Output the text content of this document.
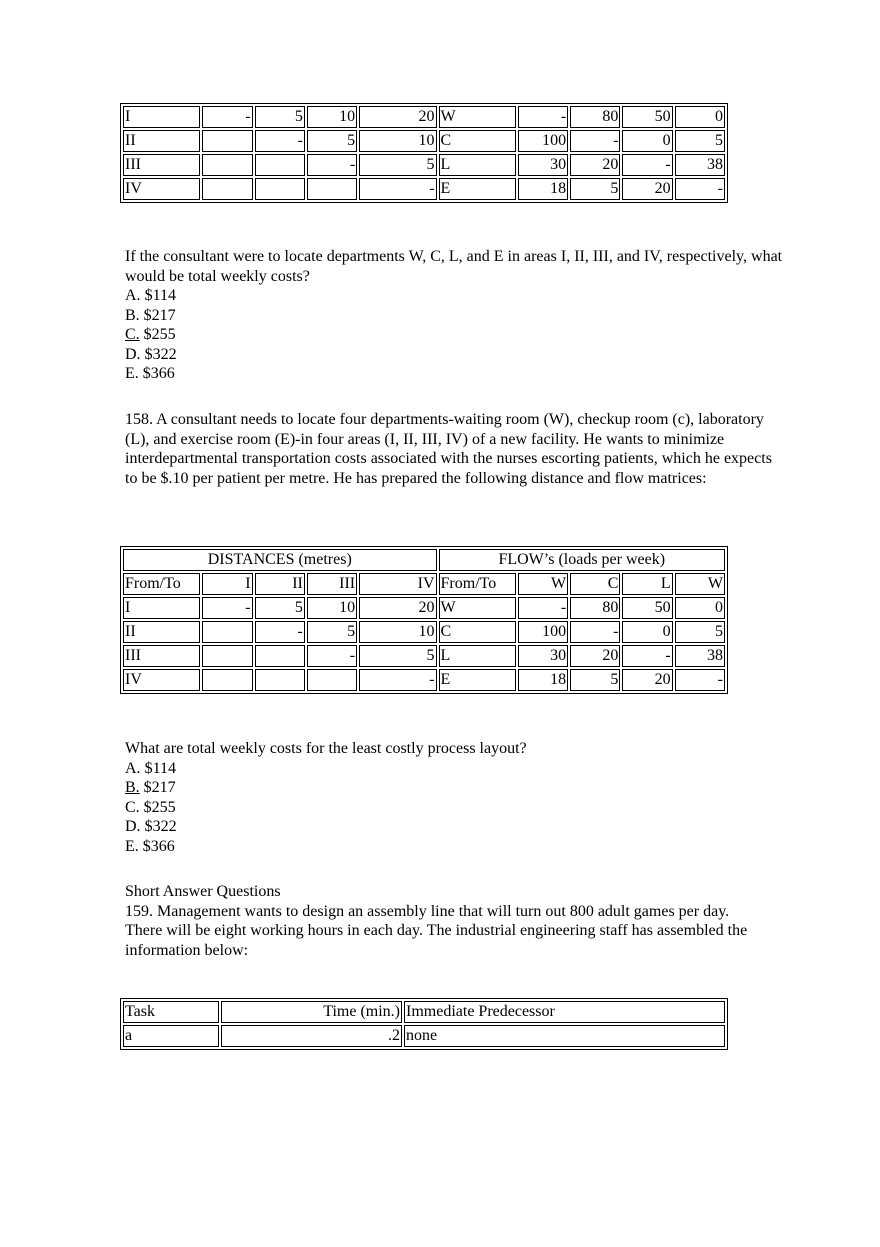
I	-	5	10	20	W	-	80	50	0
II		-	5	10	C	100	-	0	5
III			-	5	L	30	20	-	38
IV				-	E	18	5	20	-

If the consultant were to locate departments W, C, L, and E in areas I, II, III, and IV, respectively, what would be total weekly costs?

A. $114

B. $217

C. $255

D. $322

E. $366

158. A consultant needs to locate four departments-waiting room (W), checkup room (c), laboratory (L), and exercise room (E)-in four areas (I, II, III, IV) of a new facility. He wants to minimize interdepartmental transportation costs associated with the nurses escorting patients, which he expects to be $.10 per patient per metre. He has prepared the following distance and flow matrices:

DISTANCES (metres)					FLOW’s (loads per week)				
From/To	I	II	III	IV	From/To	W	C	L	W
I	-	5	10	20	W	-	80	50	0
II		-	5	10	C	100	-	0	5
III			-	5	L	30	20	-	38
IV				-	E	18	5	20	-

What are total weekly costs for the least costly process layout?

A. $114

B. $217

C. $255

D. $322

E. $366

Short Answer Questions

159. Management wants to design an assembly line that will turn out 800 adult games per day. There will be eight working hours in each day. The industrial engineering staff has assembled the information below:

Task	Time (min.)	Immediate Predecessor
a	.2	none
